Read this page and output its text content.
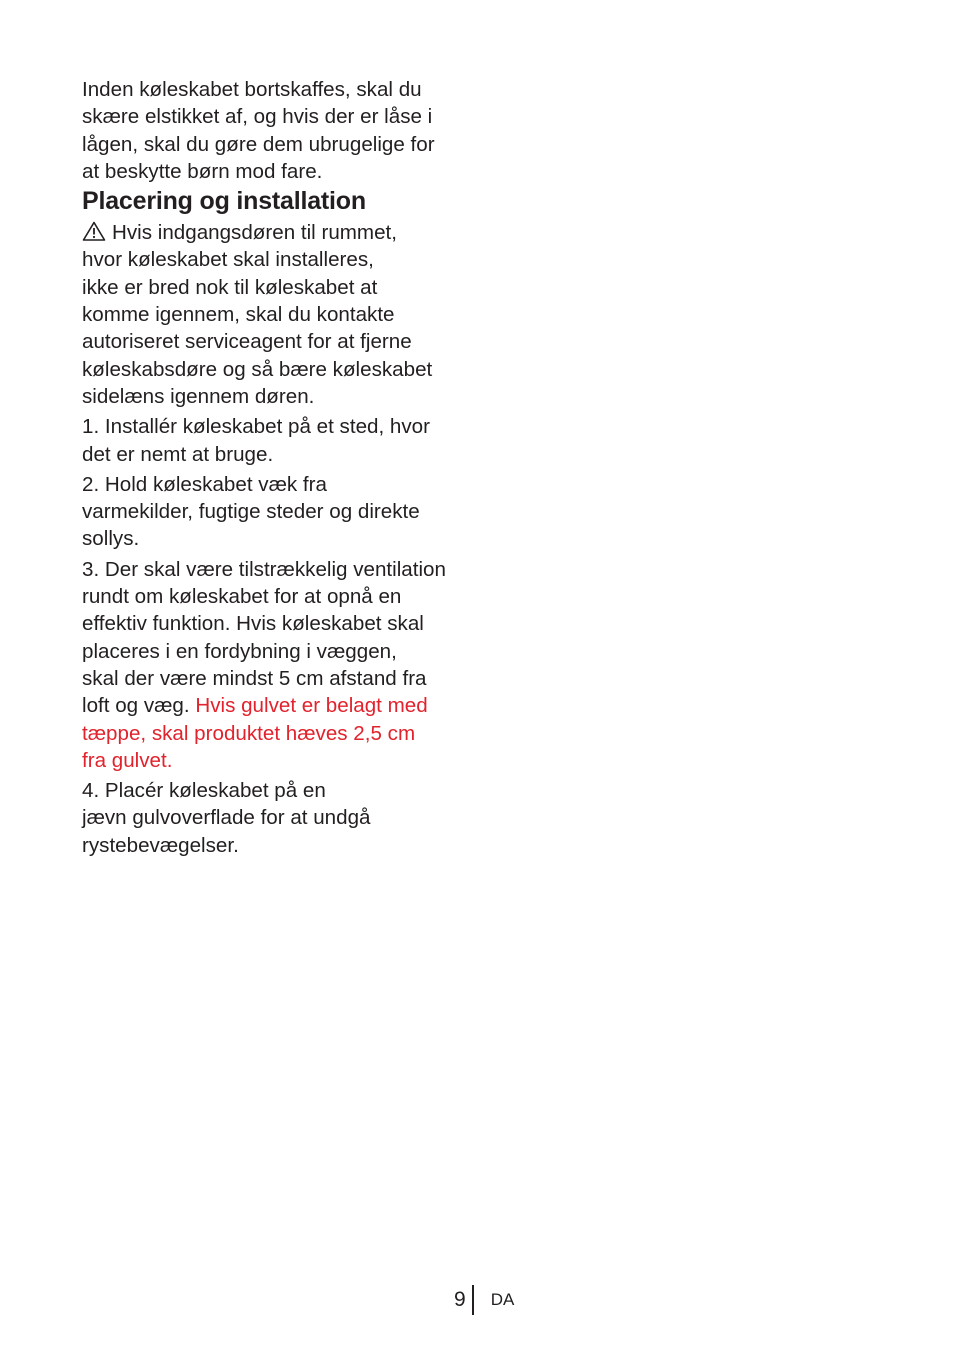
Inden køleskabet bortskaffes, skal du
skære elstikket af, og hvis der er låse i
lågen, skal du gøre dem ubrugelige for
at beskytte børn mod fare.

Placering og installation

Hvis indgangsdøren til rummet,
hvor køleskabet skal installeres,
ikke er bred nok til køleskabet at
komme igennem, skal du kontakte
autoriseret serviceagent for at fjerne
køleskabsdøre og så bære køleskabet
sidelæns igennem døren.

1. Installér køleskabet på et sted, hvor
det er nemt at bruge.

2. Hold køleskabet væk fra
varmekilder, fugtige steder og direkte
sollys.

3. Der skal være tilstrækkelig ventilation
rundt om køleskabet for at opnå en
effektiv funktion. Hvis køleskabet skal
placeres i en fordybning i væggen,
skal der være mindst 5 cm afstand fra
loft og væg. Hvis gulvet er belagt med
tæppe, skal produktet hæves 2,5 cm
fra gulvet.

4. Placér køleskabet på en
jævn gulvoverflade for at undgå
rystebevægelser.

9	DA
